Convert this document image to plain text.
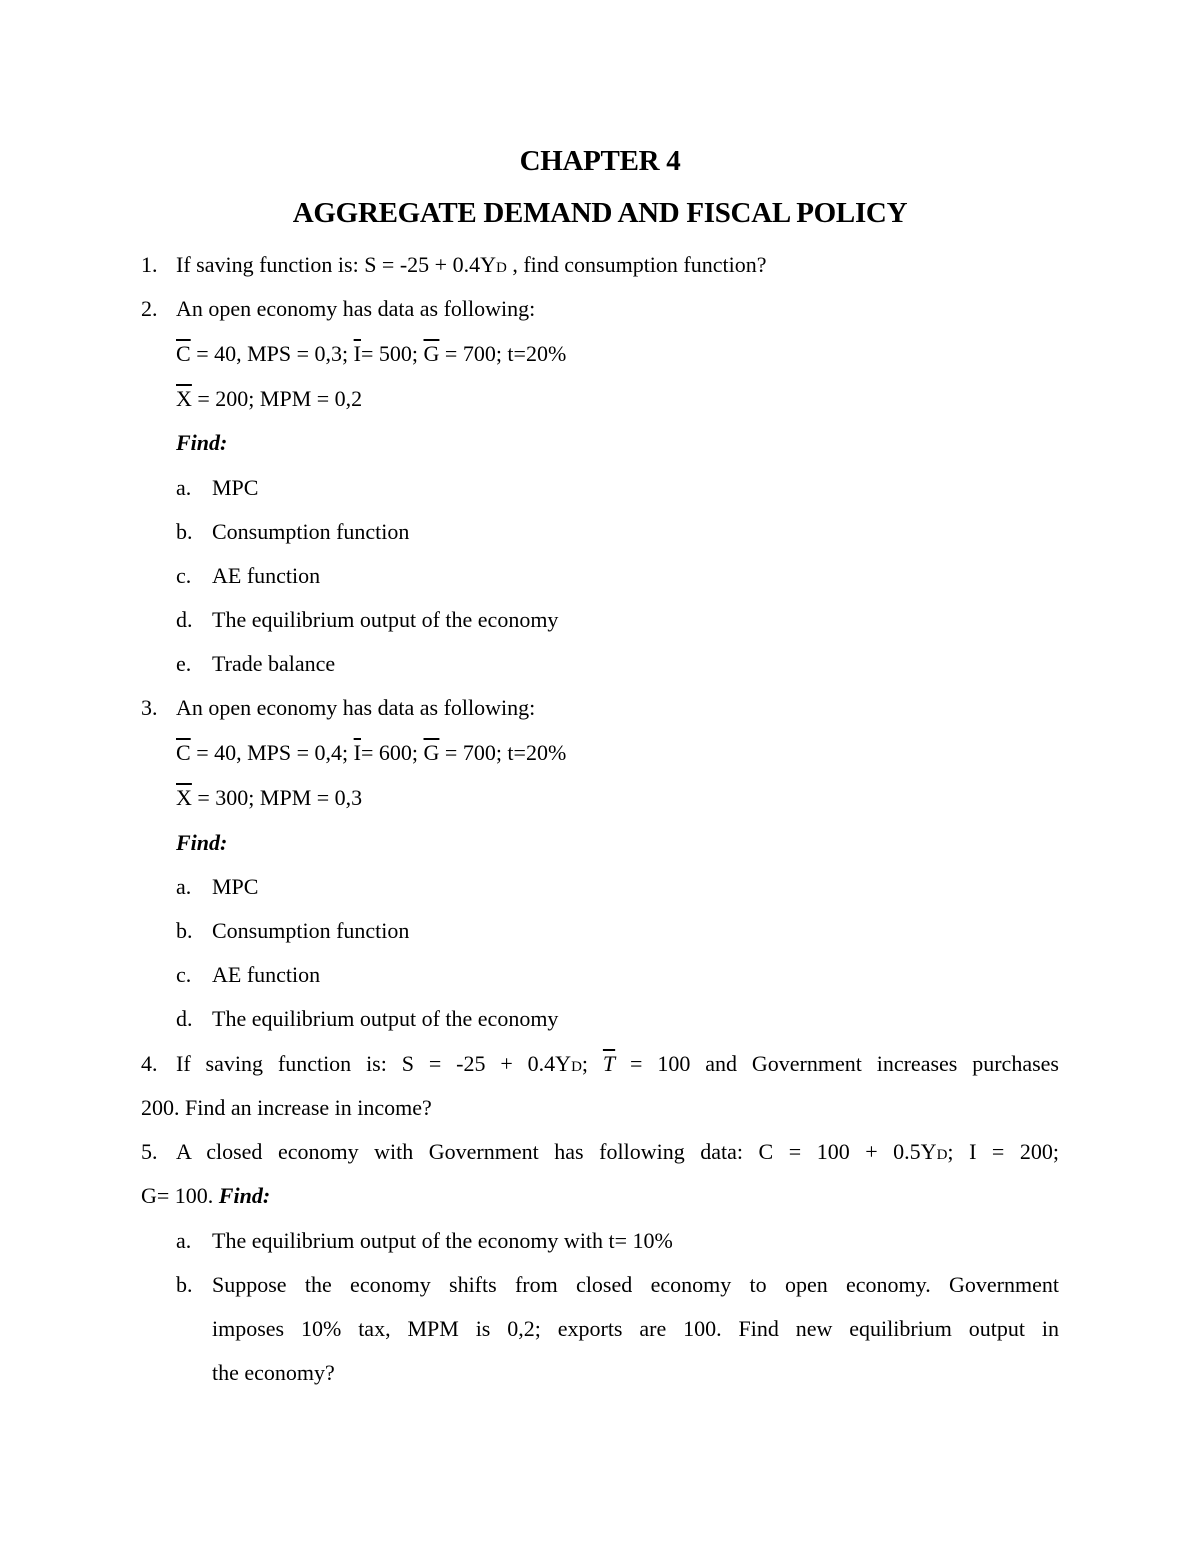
CHAPTER 4
AGGREGATE DEMAND AND FISCAL POLICY
1. If saving function is: S = -25 + 0.4YD , find consumption function?
2. An open economy has data as following:
$\overline{C} = 40$, MPS = 0,3; $\overline{I}= 500$; $\overline{G} = 700$; t=20%
$\overline{X} = 200$; MPM = 0,2
Find:
a. MPC
b. Consumption function
c. AE function
d. The equilibrium output of the economy
e. Trade balance
3. An open economy has data as following:
$\overline{C} = 40$, MPS = 0,4; $\overline{I}= 600$; $\overline{G} = 700$; t=20%
$\overline{X} = 300$; MPM = 0,3
Find:
a. MPC
b. Consumption function
c. AE function
d. The equilibrium output of the economy
4. If saving function is: S = -25 + 0.4YD; $\overline{T} = 100$ and Government increases purchases
200. Find an increase in income?
5. A closed economy with Government has following data: C = 100 + 0.5YD; I = 200;
G= 100. Find:
a. The equilibrium output of the economy with t= 10%
b. Suppose the economy shifts from closed economy to open economy. Government
imposes 10% tax, MPM is 0,2; exports are 100. Find new equilibrium output in
the economy?
